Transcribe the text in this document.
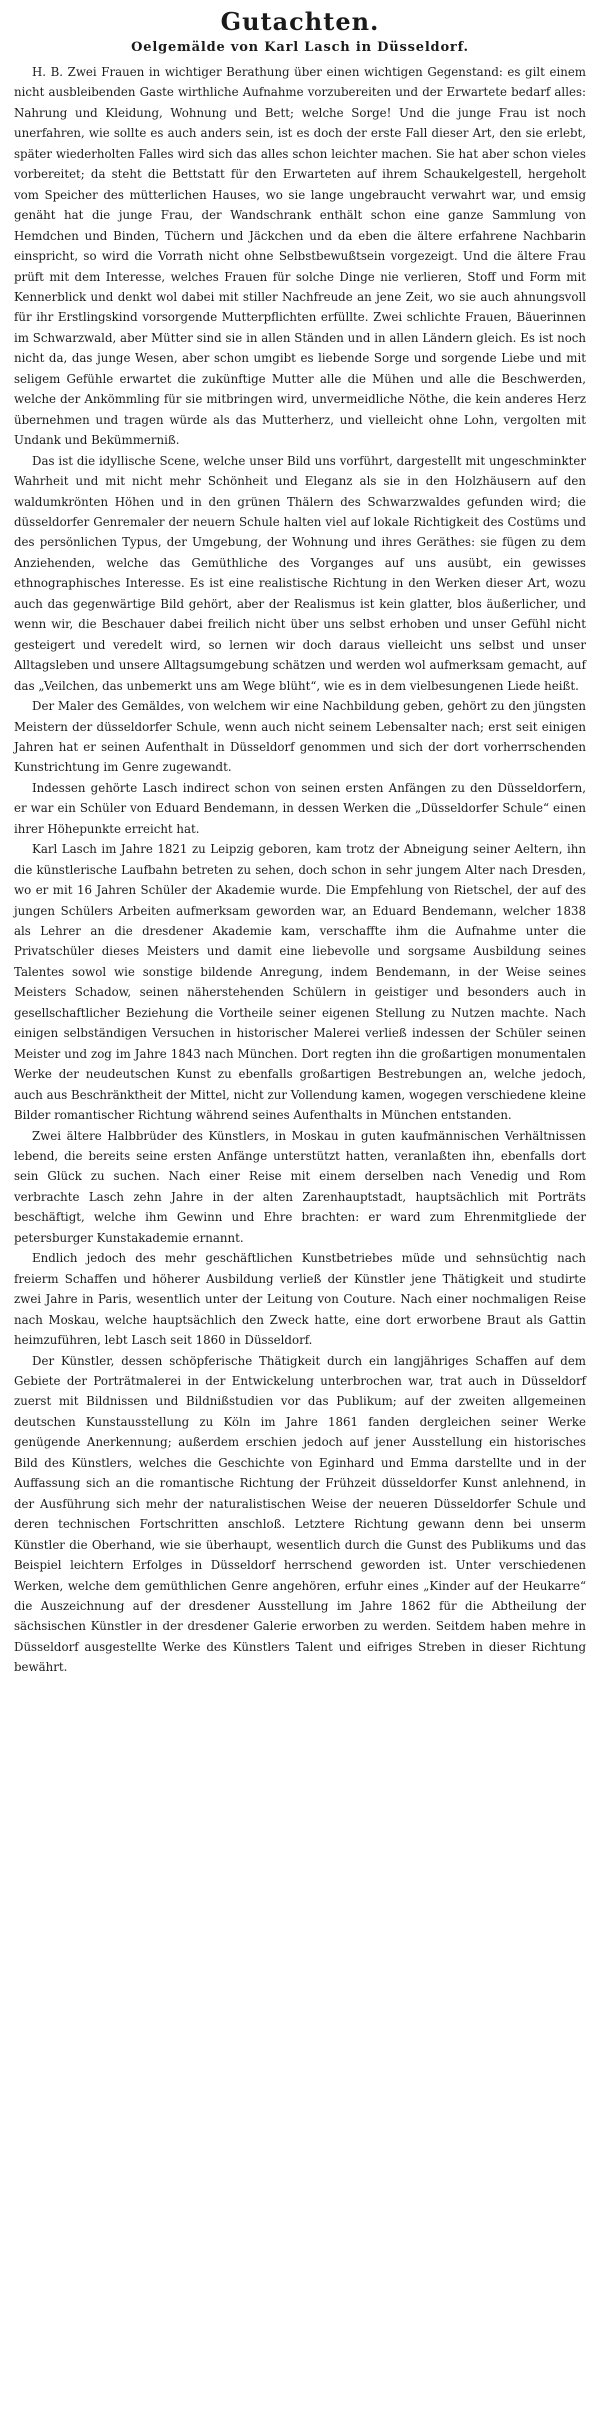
Gutachten.
Oelgemälde von Karl Lasch in Düsseldorf.

H. B. Zwei Frauen in wichtiger Berathung über einen wichtigen Gegenstand: es gilt einem nicht ausbleibenden Gaste wirthliche Aufnahme vorzubereiten und der Erwartete bedarf alles: Nahrung und Kleidung, Wohnung und Bett; welche Sorge! Und die junge Frau ist noch unerfahren, wie sollte es auch anders sein, ist es doch der erste Fall dieser Art, den sie erlebt, später wiederholten Falles wird sich das alles schon leichter machen. Sie hat aber schon vieles vorbereitet; da steht die Bettstatt für den Erwarteten auf ihrem Schaukelgestell, hergeholt vom Speicher des mütterlichen Hauses, wo sie lange ungebraucht verwahrt war, und emsig genäht hat die junge Frau, der Wandschrank enthält schon eine ganze Sammlung von Hemdchen und Binden, Tüchern und Jäckchen und da eben die ältere erfahrene Nachbarin einspricht, so wird die Vorrath nicht ohne Selbstbewußtsein vorgezeigt. Und die ältere Frau prüft mit dem Interesse, welches Frauen für solche Dinge nie verlieren, Stoff und Form mit Kennerblick und denkt wol dabei mit stiller Nachfreude an jene Zeit, wo sie auch ahnungsvoll für ihr Erstlingskind vorsorgende Mutterpflichten erfüllte. Zwei schlichte Frauen, Bäuerinnen im Schwarzwald, aber Mütter sind sie in allen Ständen und in allen Ländern gleich. Es ist noch nicht da, das junge Wesen, aber schon umgibt es liebende Sorge und sorgende Liebe und mit seligem Gefühle erwartet die zukünftige Mutter alle die Mühen und alle die Beschwerden, welche der Ankömmling für sie mitbringen wird, unvermeidliche Nöthe, die kein anderes Herz übernehmen und tragen würde als das Mutterherz, und vielleicht ohne Lohn, vergolten mit Undank und Bekümmerniß.

Das ist die idyllische Scene, welche unser Bild uns vorführt, dargestellt mit ungeschminkter Wahrheit und mit nicht mehr Schönheit und Eleganz als sie in den Holzhäusern auf den waldumkrönten Höhen und in den grünen Thälern des Schwarzwaldes gefunden wird; die düsseldorfer Genremaler der neuern Schule halten viel auf lokale Richtigkeit des Costüms und des persönlichen Typus, der Umgebung, der Wohnung und ihres Geräthes: sie fügen zu dem Anziehenden, welche das Gemüthliche des Vorganges auf uns ausübt, ein gewisses ethnographisches Interesse. Es ist eine realistische Richtung in den Werken dieser Art, wozu auch das gegenwärtige Bild gehört, aber der Realismus ist kein glatter, blos äußerlicher, und wenn wir, die Beschauer dabei freilich nicht über uns selbst erhoben und unser Gefühl nicht gesteigert und veredelt wird, so lernen wir doch daraus vielleicht uns selbst und unser Alltagsleben und unsere Alltagsumgebung schätzen und werden wol aufmerksam gemacht, auf das „Veilchen, das unbemerkt uns am Wege blüht“, wie es in dem vielbesungenen Liede heißt.

Der Maler des Gemäldes, von welchem wir eine Nachbildung geben, gehört zu den jüngsten Meistern der düsseldorfer Schule, wenn auch nicht seinem Lebensalter nach; erst seit einigen Jahren hat er seinen Aufenthalt in Düsseldorf genommen und sich der dort vorherrschenden Kunstrichtung im Genre zugewandt.

Indessen gehörte Lasch indirect schon von seinen ersten Anfängen zu den Düsseldorfern, er war ein Schüler von Eduard Bendemann, in dessen Werken die „Düsseldorfer Schule“ einen ihrer Höhepunkte erreicht hat.

Karl Lasch im Jahre 1821 zu Leipzig geboren, kam trotz der Abneigung seiner Aeltern, ihn die künstlerische Laufbahn betreten zu sehen, doch schon in sehr jungem Alter nach Dresden, wo er mit 16 Jahren Schüler der Akademie wurde. Die Empfehlung von Rietschel, der auf des jungen Schülers Arbeiten aufmerksam geworden war, an Eduard Bendemann, welcher 1838 als Lehrer an die dresdener Akademie kam, verschaffte ihm die Aufnahme unter die Privatschüler dieses Meisters und damit eine liebevolle und sorgsame Ausbildung seines Talentes sowol wie sonstige bildende Anregung, indem Bendemann, in der Weise seines Meisters Schadow, seinen näherstehenden Schülern in geistiger und besonders auch in gesellschaftlicher Beziehung die Vortheile seiner eigenen Stellung zu Nutzen machte. Nach einigen selbständigen Versuchen in historischer Malerei verließ indessen der Schüler seinen Meister und zog im Jahre 1843 nach München. Dort regten ihn die großartigen monumentalen Werke der neudeutschen Kunst zu ebenfalls großartigen Bestrebungen an, welche jedoch, auch aus Beschränktheit der Mittel, nicht zur Vollendung kamen, wogegen verschiedene kleine Bilder romantischer Richtung während seines Aufenthalts in München entstanden.

Zwei ältere Halbbrüder des Künstlers, in Moskau in guten kaufmännischen Verhältnissen lebend, die bereits seine ersten Anfänge unterstützt hatten, veranlaßten ihn, ebenfalls dort sein Glück zu suchen. Nach einer Reise mit einem derselben nach Venedig und Rom verbrachte Lasch zehn Jahre in der alten Zarenhauptstadt, hauptsächlich mit Porträts beschäftigt, welche ihm Gewinn und Ehre brachten: er ward zum Ehrenmitgliede der petersburger Kunstakademie ernannt.

Endlich jedoch des mehr geschäftlichen Kunstbetriebes müde und sehnsüchtig nach freierm Schaffen und höherer Ausbildung verließ der Künstler jene Thätigkeit und studirte zwei Jahre in Paris, wesentlich unter der Leitung von Couture. Nach einer nochmaligen Reise nach Moskau, welche hauptsächlich den Zweck hatte, eine dort erworbene Braut als Gattin heimzuführen, lebt Lasch seit 1860 in Düsseldorf.

Der Künstler, dessen schöpferische Thätigkeit durch ein langjähriges Schaffen auf dem Gebiete der Porträtmalerei in der Entwickelung unterbrochen war, trat auch in Düsseldorf zuerst mit Bildnissen und Bildnißstudien vor das Publikum; auf der zweiten allgemeinen deutschen Kunstausstellung zu Köln im Jahre 1861 fanden dergleichen seiner Werke genügende Anerkennung; außerdem erschien jedoch auf jener Ausstellung ein historisches Bild des Künstlers, welches die Geschichte von Eginhard und Emma darstellte und in der Auffassung sich an die romantische Richtung der Frühzeit düsseldorfer Kunst anlehnend, in der Ausführung sich mehr der naturalistischen Weise der neueren Düsseldorfer Schule und deren technischen Fortschritten anschloß. Letztere Richtung gewann denn bei unserm Künstler die Oberhand, wie sie überhaupt, wesentlich durch die Gunst des Publikums und das Beispiel leichtern Erfolges in Düsseldorf herrschend geworden ist. Unter verschiedenen Werken, welche dem gemüthlichen Genre angehören, erfuhr eines „Kinder auf der Heukarre“ die Auszeichnung auf der dresdener Ausstellung im Jahre 1862 für die Abtheilung der sächsischen Künstler in der dresdener Galerie erworben zu werden. Seitdem haben mehre in Düsseldorf ausgestellte Werke des Künstlers Talent und eifriges Streben in dieser Richtung bewährt.
